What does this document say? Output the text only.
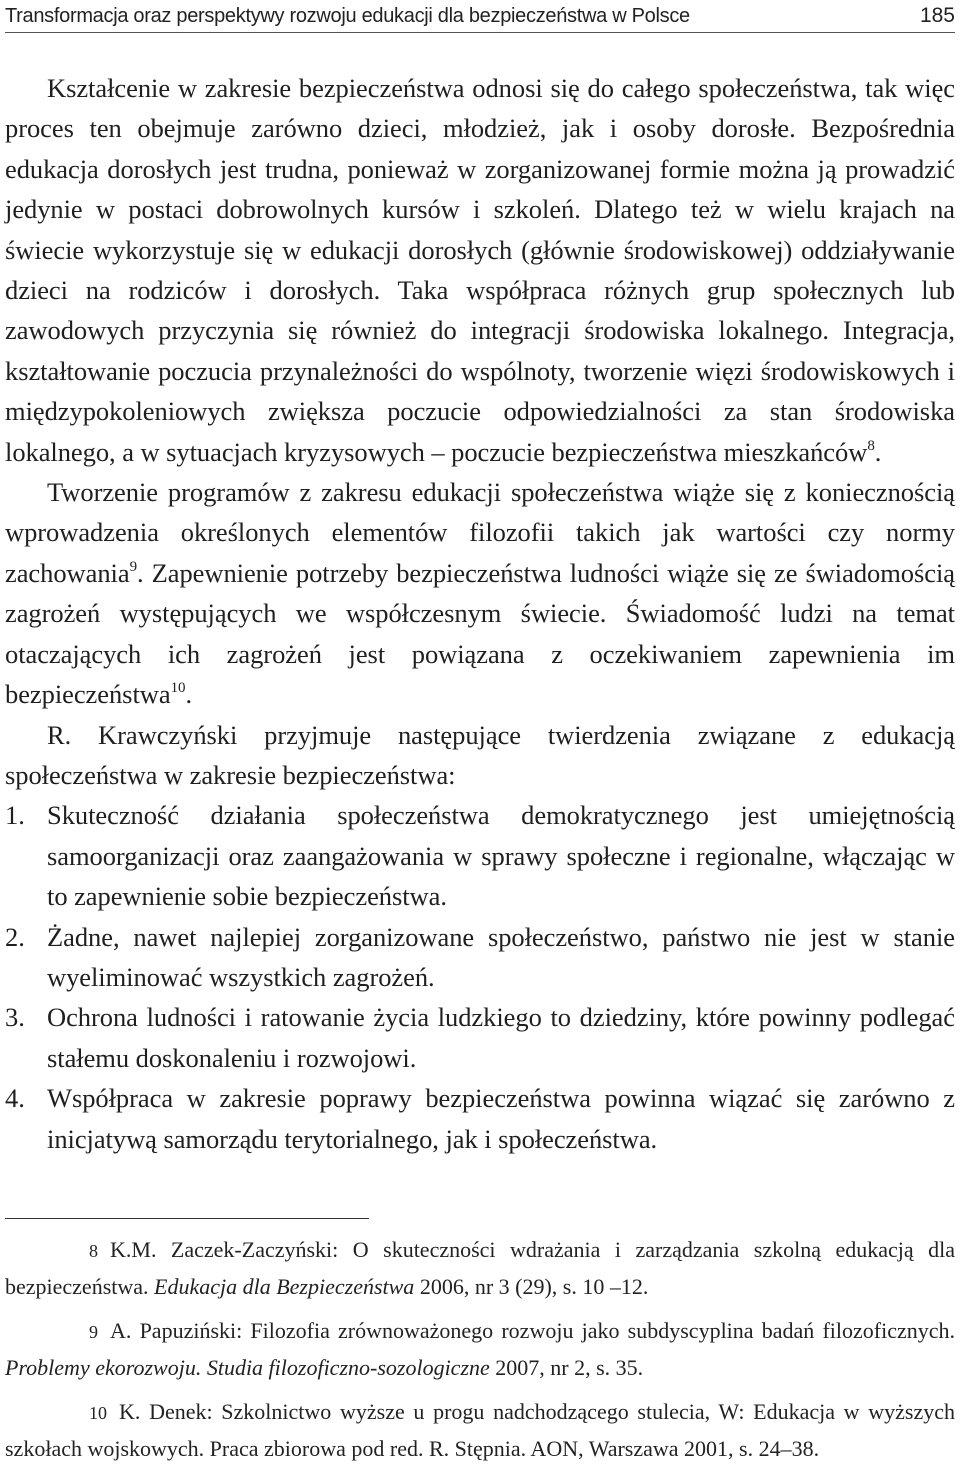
Transformacja oraz perspektywy rozwoju edukacji dla bezpieczeństwa w Polsce	185

Kształcenie w zakresie bezpieczeństwa odnosi się do całego społeczeństwa, tak więc proces ten obejmuje zarówno dzieci, młodzież, jak i osoby dorosłe. Bezpośrednia edukacja dorosłych jest trudna, ponieważ w zorganizowanej formie można ją prowadzić jedynie w postaci dobrowolnych kursów i szkoleń. Dlatego też w wielu krajach na świecie wykorzystuje się w edukacji dorosłych (głównie środowiskowej) oddziaływanie dzieci na rodziców i dorosłych. Taka współpraca różnych grup społecznych lub zawodowych przyczynia się również do integracji środowiska lokalnego. Integracja, kształtowanie poczucia przynależności do wspólnoty, tworzenie więzi środowiskowych i międzypokoleniowych zwiększa poczucie odpowiedzialności za stan środowiska lokalnego, a w sytuacjach kryzysowych – poczucie bezpieczeństwa mieszkańców$^8$.

Tworzenie programów z zakresu edukacji społeczeństwa wiąże się z koniecznością wprowadzenia określonych elementów filozofii takich jak wartości czy normy zachowania$^9$. Zapewnienie potrzeby bezpieczeństwa ludności wiąże się ze świadomością zagrożeń występujących we współczesnym świecie. Świadomość ludzi na temat otaczających ich zagrożeń jest powiązana z oczekiwaniem zapewnienia im bezpieczeństwa$^{10}$.

R. Krawczyński przyjmuje następujące twierdzenia związane z edukacją społeczeństwa w zakresie bezpieczeństwa:

1. Skuteczność działania społeczeństwa demokratycznego jest umiejętnością samoorganizacji oraz zaangażowania w sprawy społeczne i regionalne, włączając w to zapewnienie sobie bezpieczeństwa.
2. Żadne, nawet najlepiej zorganizowane społeczeństwo, państwo nie jest w stanie wyeliminować wszystkich zagrożeń.
3. Ochrona ludności i ratowanie życia ludzkiego to dziedziny, które powinny podlegać stałemu doskonaleniu i rozwojowi.
4. Współpraca w zakresie poprawy bezpieczeństwa powinna wiązać się zarówno z inicjatywą samorządu terytorialnego, jak i społeczeństwa.

8 K.M. Zaczek-Zaczyński: O skuteczności wdrażania i zarządzania szkolną edukacją dla bezpieczeństwa. Edukacja dla Bezpieczeństwa 2006, nr 3 (29), s. 10 –12.

9 A. Papuziński: Filozofia zrównoważonego rozwoju jako subdyscyplina badań filozoficznych. Problemy ekorozwoju. Studia filozoficzno-sozologiczne 2007, nr 2, s. 35.

10 K. Denek: Szkolnictwo wyższe u progu nadchodzącego stulecia, W: Edukacja w wyższych szkołach wojskowych. Praca zbiorowa pod red. R. Stępnia. AON, Warszawa 2001, s. 24–38.
